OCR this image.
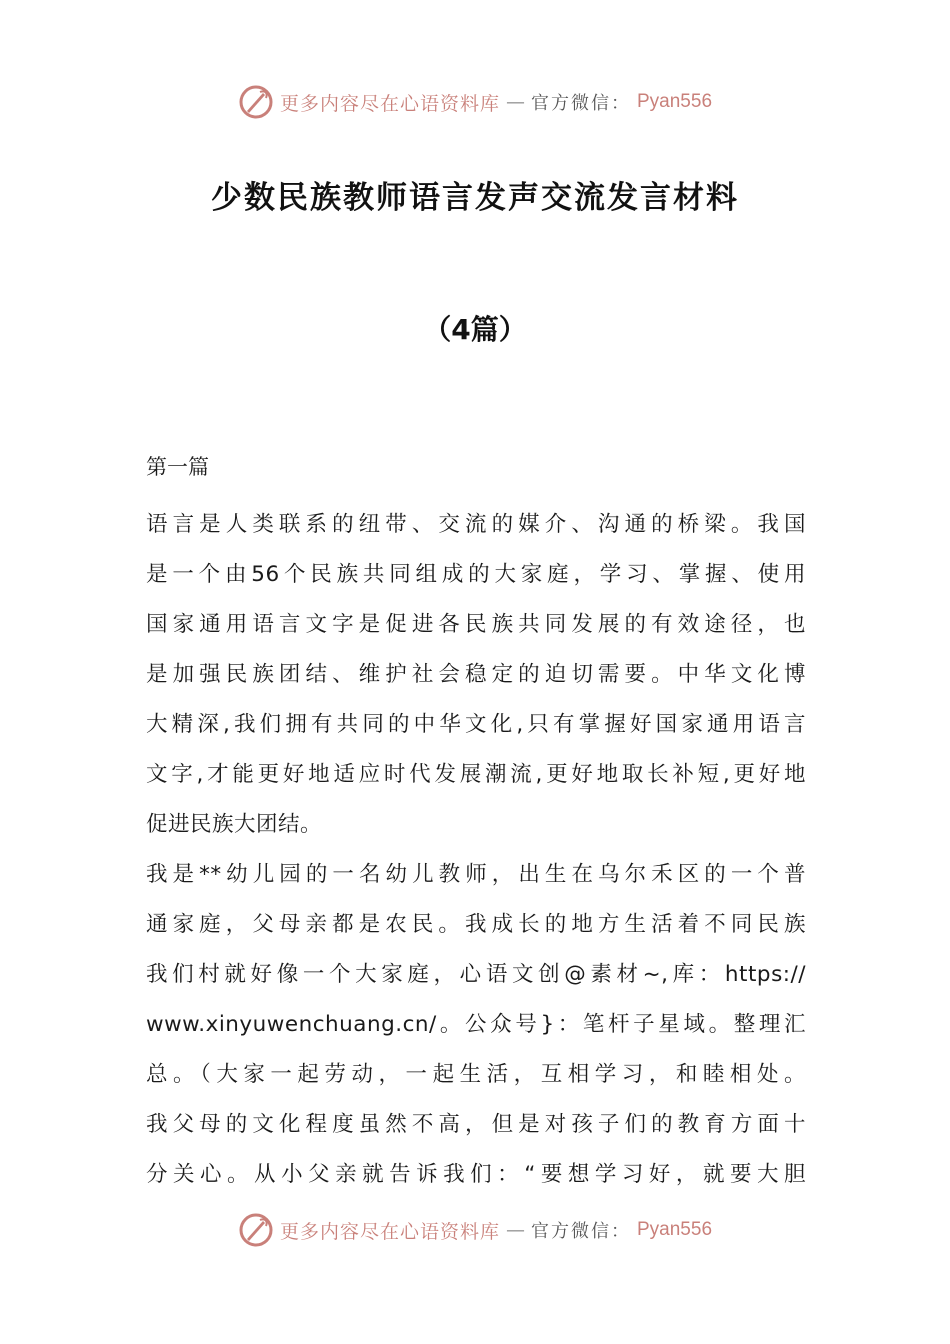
更多内容尽在心语资料库 — 官方微信： Pyan556
少数民族教师语言发声交流发言材料
（4篇）
第一篇
语言是人类联系的纽带、交流的媒介、沟通的桥梁。我国
是一个由56个民族共同组成的大家庭，学习、掌握、使用
国家通用语言文字是促进各民族共同发展的有效途径，也
是加强民族团结、维护社会稳定的迫切需要。中华文化博
大精深,我们拥有共同的中华文化,只有掌握好国家通用语言
文字,才能更好地适应时代发展潮流,更好地取长补短,更好地
促进民族大团结。
我是**幼儿园的一名幼儿教师，出生在乌尔禾区的一个普
通家庭，父母亲都是农民。我成长的地方生活着不同民族
我们村就好像一个大家庭，心语文创@素材~,库：https://
www.xinyuwenchuang.cn/。公众号}：笔杆子星域。整理汇
总。（大家一起劳动，一起生活，互相学习，和睦相处。
我父母的文化程度虽然不高，但是对孩子们的教育方面十
分关心。从小父亲就告诉我们：“要想学习好，就要大胆
更多内容尽在心语资料库 — 官方微信： Pyan556
